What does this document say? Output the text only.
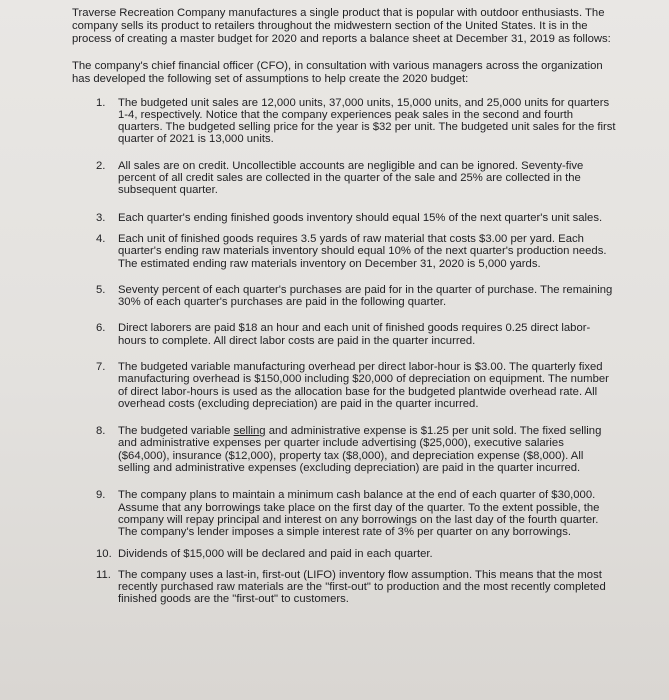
Traverse Recreation Company manufactures a single product that is popular with outdoor enthusiasts. The company sells its product to retailers throughout the midwestern section of the United States. It is in the process of creating a master budget for 2020 and reports a balance sheet at December 31, 2019 as follows:

The company's chief financial officer (CFO), in consultation with various managers across the organization has developed the following set of assumptions to help create the 2020 budget:

1. The budgeted unit sales are 12,000 units, 37,000 units, 15,000 units, and 25,000 units for quarters 1-4, respectively. Notice that the company experiences peak sales in the second and fourth quarters. The budgeted selling price for the year is $32 per unit. The budgeted unit sales for the first quarter of 2021 is 13,000 units.
2. All sales are on credit. Uncollectible accounts are negligible and can be ignored. Seventy-five percent of all credit sales are collected in the quarter of the sale and 25% are collected in the subsequent quarter.
3. Each quarter's ending finished goods inventory should equal 15% of the next quarter's unit sales.
4. Each unit of finished goods requires 3.5 yards of raw material that costs $3.00 per yard. Each quarter's ending raw materials inventory should equal 10% of the next quarter's production needs. The estimated ending raw materials inventory on December 31, 2020 is 5,000 yards.
5. Seventy percent of each quarter's purchases are paid for in the quarter of purchase. The remaining 30% of each quarter's purchases are paid in the following quarter.
6. Direct laborers are paid $18 an hour and each unit of finished goods requires 0.25 direct labor-hours to complete. All direct labor costs are paid in the quarter incurred.
7. The budgeted variable manufacturing overhead per direct labor-hour is $3.00. The quarterly fixed manufacturing overhead is $150,000 including $20,000 of depreciation on equipment. The number of direct labor-hours is used as the allocation base for the budgeted plantwide overhead rate. All overhead costs (excluding depreciation) are paid in the quarter incurred.
8. The budgeted variable selling and administrative expense is $1.25 per unit sold. The fixed selling and administrative expenses per quarter include advertising ($25,000), executive salaries ($64,000), insurance ($12,000), property tax ($8,000), and depreciation expense ($8,000). All selling and administrative expenses (excluding depreciation) are paid in the quarter incurred.
9. The company plans to maintain a minimum cash balance at the end of each quarter of $30,000. Assume that any borrowings take place on the first day of the quarter. To the extent possible, the company will repay principal and interest on any borrowings on the last day of the fourth quarter. The company's lender imposes a simple interest rate of 3% per quarter on any borrowings.
10. Dividends of $15,000 will be declared and paid in each quarter.
11. The company uses a last-in, first-out (LIFO) inventory flow assumption. This means that the most recently purchased raw materials are the "first-out" to production and the most recently completed finished goods are the "first-out" to customers.
